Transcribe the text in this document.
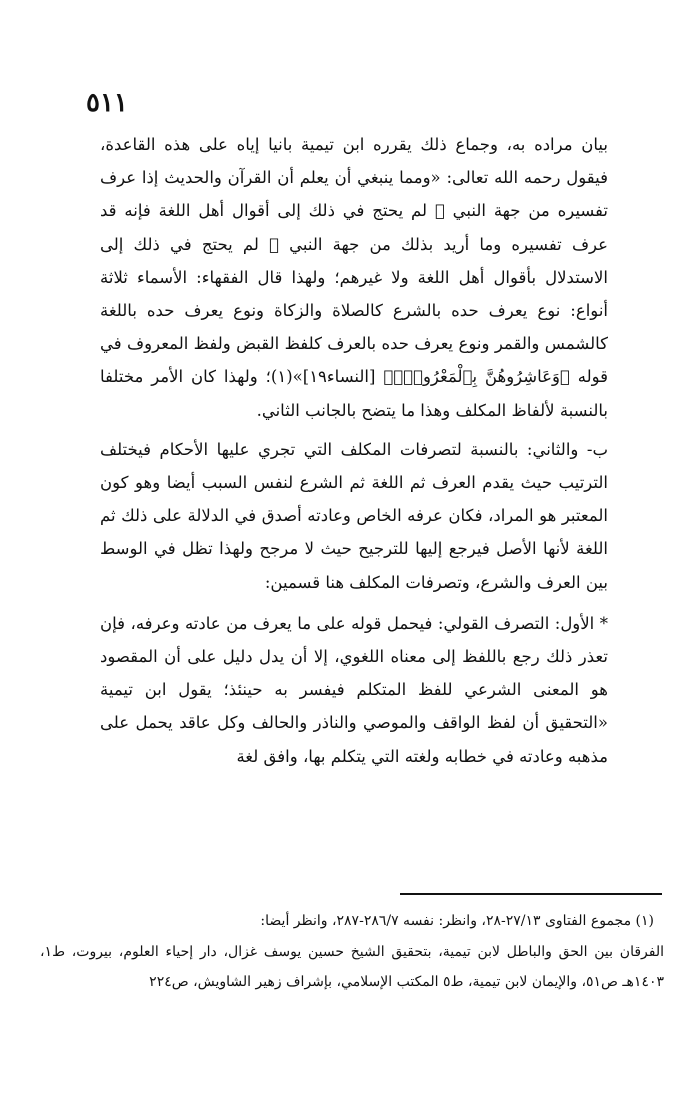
٥١١

بيان مراده به، وجماع ذلك يقرره ابن تيمية بانيا إياه على هذه القاعدة، فيقول رحمه الله تعالى: «ومما ينبغي أن يعلم أن القرآن والحديث إذا عرف تفسيره من جهة النبي ﷺ لم يحتج في ذلك إلى أقوال أهل اللغة فإنه قد عرف تفسيره وما أريد بذلك من جهة النبي ﷺ لم يحتج في ذلك إلى الاستدلال بأقوال أهل اللغة ولا غيرهم؛ ولهذا قال الفقهاء: الأسماء ثلاثة أنواع: نوع يعرف حده بالشرع كالصلاة والزكاة ونوع يعرف حده باللغة كالشمس والقمر ونوع يعرف حده بالعرف كلفظ القبض ولفظ المعروف في قوله ﴿وَعَاشِرُوهُنَّ بِٱلْمَعْرُوفِۚ﴾ [النساء١٩]»(١)؛ ولهذا كان الأمر مختلفا بالنسبة لألفاظ المكلف وهذا ما يتضح بالجانب الثاني.

ب- والثاني: بالنسبة لتصرفات المكلف التي تجري عليها الأحكام فيختلف الترتيب حيث يقدم العرف ثم اللغة ثم الشرع لنفس السبب أيضا وهو كون المعتبر هو المراد، فكان عرفه الخاص وعادته أصدق في الدلالة على ذلك ثم اللغة لأنها الأصل فيرجع إليها للترجيح حيث لا مرجح ولهذا تظل في الوسط بين العرف والشرع، وتصرفات المكلف هنا قسمين:

* الأول: التصرف القولي: فيحمل قوله على ما يعرف من عادته وعرفه، فإن تعذر ذلك رجع باللفظ إلى معناه اللغوي، إلا أن يدل دليل على أن المقصود هو المعنى الشرعي للفظ المتكلم فيفسر به حينئذ؛ يقول ابن تيمية «التحقيق أن لفظ الواقف والموصي والناذر والحالف وكل عاقد يحمل على مذهبه وعادته في خطابه ولغته التي يتكلم بها، وافق لغة

(١) مجموع الفتاوى ٢٧/١٣-٢٨، وانظر: نفسه ٢٨٦/٧-٢٨٧، وانظر أيضا:

الفرقان بين الحق والباطل لابن تيمية، بتحقيق الشيخ حسين يوسف غزال، دار إحياء العلوم، بيروت، ط١، ١٤٠٣هـ ص٥١، والإيمان لابن تيمية، ط٥ المكتب الإسلامي، بإشراف زهير الشاويش، ص٢٢٤
